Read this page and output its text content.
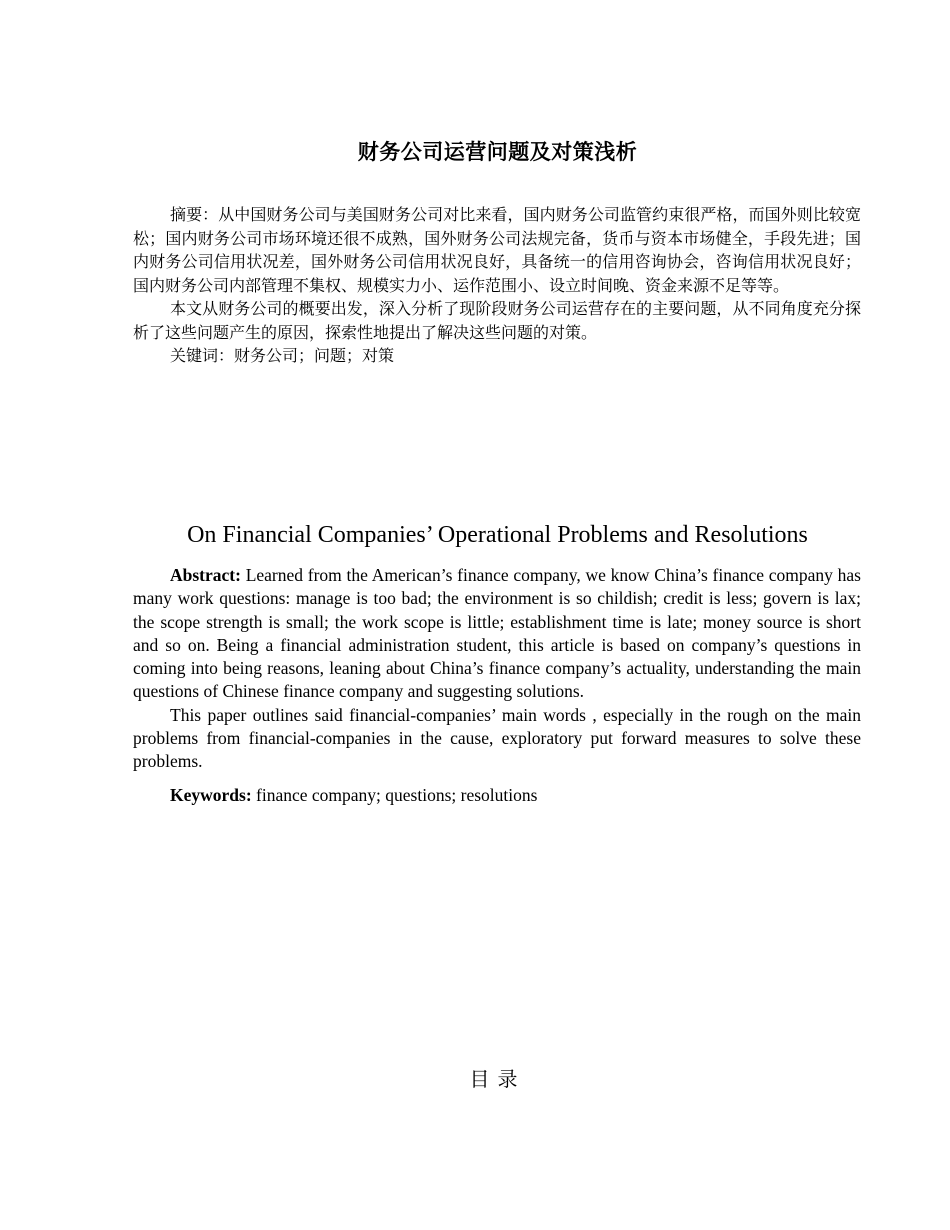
财务公司运营问题及对策浅析

摘要：从中国财务公司与美国财务公司对比来看，国内财务公司监管约束很严格，而国外则比较宽松；国内财务公司市场环境还很不成熟，国外财务公司法规完备，货币与资本市场健全，手段先进；国内财务公司信用状况差，国外财务公司信用状况良好，具备统一的信用咨询协会，咨询信用状况良好；国内财务公司内部管理不集权、规模实力小、运作范围小、设立时间晚、资金来源不足等等。

本文从财务公司的概要出发，深入分析了现阶段财务公司运营存在的主要问题，从不同角度充分探析了这些问题产生的原因，探索性地提出了解决这些问题的对策。

关键词：财务公司；问题；对策

On Financial Companies’ Operational Problems and Resolutions

Abstract: Learned from the American’s finance company, we know China’s finance company has many work questions: manage is too bad; the environment is so childish; credit is less; govern is lax; the scope strength is small; the work scope is little; establishment time is late; money source is short and so on. Being a financial administration student, this article is based on company’s questions in coming into being reasons, leaning about China’s finance company’s actuality, understanding the main questions of Chinese finance company and suggesting solutions.

This paper outlines said financial-companies’ main words , especially in the rough on the main problems from financial-companies in the cause, exploratory put forward measures to solve these problems.

Keywords: finance company; questions; resolutions

目录
